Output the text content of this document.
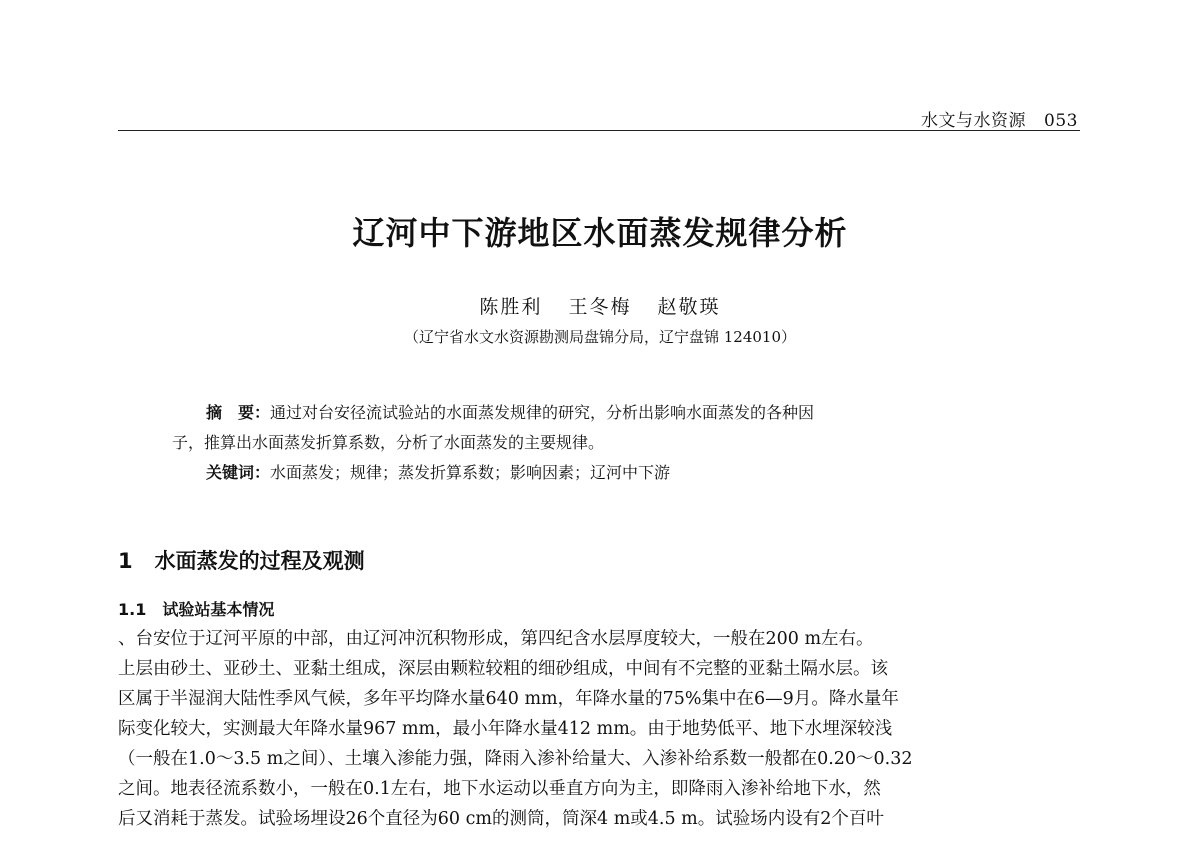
水文与水资源 053
辽河中下游地区水面蒸发规律分析
陈胜利 王冬梅 赵敬瑛
（辽宁省水文水资源勘测局盘锦分局，辽宁盘锦 124010）

摘　要：通过对台安径流试验站的水面蒸发规律的研究，分析出影响水面蒸发的各种因

子，推算出水面蒸发折算系数，分析了水面蒸发的主要规律。

关键词：水面蒸发；规律；蒸发折算系数；影响因素；辽河中下游

1 水面蒸发的过程及观测
1.1 试验站基本情况
、台安位于辽河平原的中部，由辽河冲沉积物形成，第四纪含水层厚度较大，一般在200 m左右。
上层由砂土、亚砂土、亚黏土组成，深层由颗粒较粗的细砂组成，中间有不完整的亚黏土隔水层。该
区属于半湿润大陆性季风气候，多年平均降水量640 mm，年降水量的75%集中在6—9月。降水量年
际变化较大，实测最大年降水量967 mm，最小年降水量412 mm。由于地势低平、地下水埋深较浅
（一般在1.0～3.5 m之间）、土壤入渗能力强，降雨入渗补给量大、入渗补给系数一般都在0.20～0.32
之间。地表径流系数小，一般在0.1左右，地下水运动以垂直方向为主，即降雨入渗补给地下水，然
后又消耗于蒸发。试验场埋设26个直径为60 cm的测筒，筒深4 m或4.5 m。试验场内设有2个百叶
